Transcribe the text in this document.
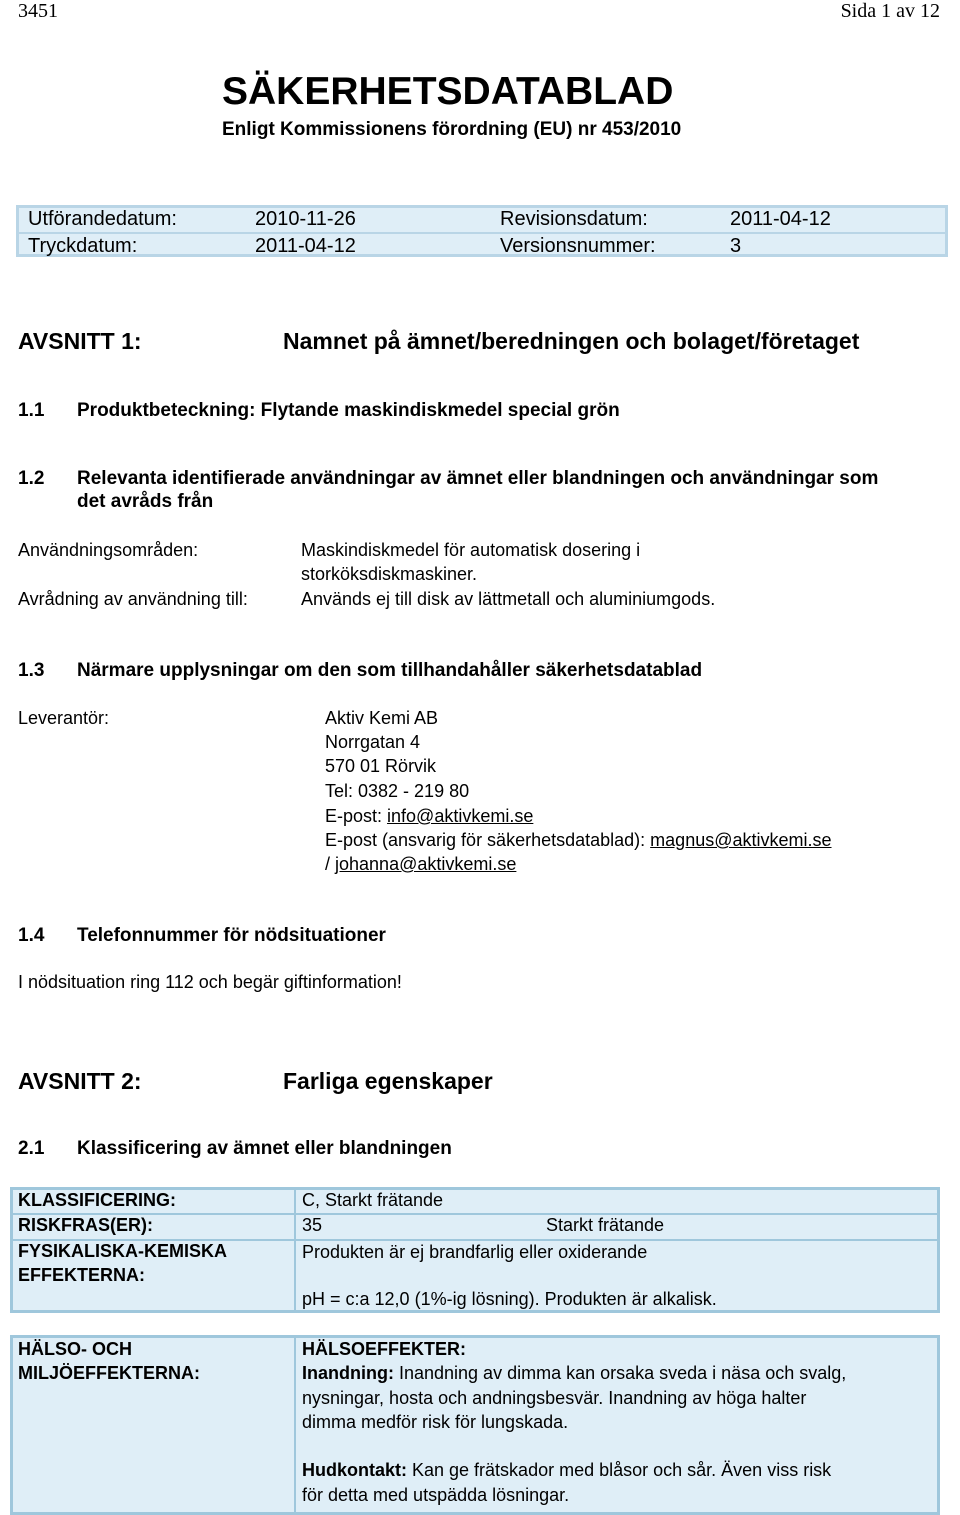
3451	Sida 1 av 12
SÄKERHETSDATABLAD
Enligt Kommissionens förordning (EU) nr 453/2010
Utförandedatum:	2010-11-26	Revisionsdatum:	2011-04-12
Tryckdatum:	2011-04-12	Versionsnummer:	3
AVSNITT 1:	Namnet på ämnet/beredningen och bolaget/företaget
1.1 Produktbeteckning: Flytande maskindiskmedel special grön
1.2 Relevanta identifierade användningar av ämnet eller blandningen och användningar som
det avråds från
Användningsområden:	Maskindiskmedel för automatisk dosering i
storköksdiskmaskiner.
Avrådning av användning till:	Används ej till disk av lättmetall och aluminiumgods.
1.3 Närmare upplysningar om den som tillhandahåller säkerhetsdatablad
Leverantör:	Aktiv Kemi AB
Norrgatan 4
570 01 Rörvik
Tel: 0382 - 219 80
E-post: info@aktivkemi.se
E-post (ansvarig för säkerhetsdatablad): magnus@aktivkemi.se
/ johanna@aktivkemi.se
1.4 Telefonnummer för nödsituationer
I nödsituation ring 112 och begär giftinformation!
AVSNITT 2:	Farliga egenskaper
2.1 Klassificering av ämnet eller blandningen
KLASSIFICERING:	C, Starkt frätande
RISKFRAS(ER):	35	Starkt frätande
FYSIKALISKA-KEMISKA
EFFEKTERNA:
Produkten är ej brandfarlig eller oxiderande
pH = c:a 12,0 (1%-ig lösning). Produkten är alkalisk.
HÄLSO- OCH
MILJÖEFFEKTERNA:
HÄLSOEFFEKTER:
Inandning: Inandning av dimma kan orsaka sveda i näsa och svalg,
nysningar, hosta och andningsbesvär. Inandning av höga halter
dimma medför risk för lungskada.
Hudkontakt: Kan ge frätskador med blåsor och sår. Även viss risk
för detta med utspädda lösningar.
